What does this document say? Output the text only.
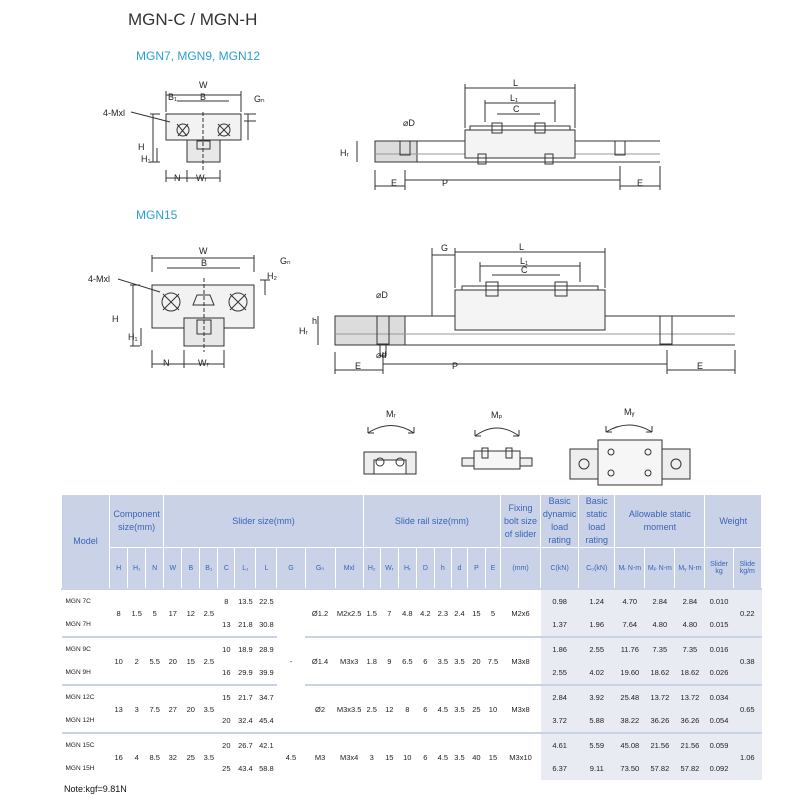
MGN-C / MGN-H
MGN7, MGN9, MGN12
MGN15
W
B
B₁	Gₙ
4-Mxl
H
H₁
N Wᵣ
L
L₁
C
⌀D
Hᵣ
E	P	E
W
B	Gₙ
H₂
4-Mxl
H
H₁
N	Wᵣ
G	L
L₁
C
⌀D
Hᵣ
h
⌀d
E	P	E
Mᵣ	Mₚ	Mᵧ
Model	Component size(mm)			Slider size(mm)									Slide rail size(mm)								Fixing bolt size of slider	Basic dynamic load rating	Basic static load rating	Allowable static moment			Weight	
	H	H₁	N	W	B	B₁	C	L₁	L	G	Gₙ	Mxl	H₂	Wᵣ	Hᵣ	D	h	d	P	E	(mm)	C(kN)	C₀(kN)	Mᵣ N-m	Mₚ N-m	Mᵧ N-m	Slider kg	Slide kg/m
MGN 7C	8	1.5	5	17	12	2.5	8	13.5	22.5	-	Ø1.2	M2x2.5	1.5	7	4.8	4.2	2.3	2.4	15	5	M2x6	0.98	1.24	4.70	2.84	2.84	0.010	0.22
MGN 7H							13	21.8	30.8													1.37	1.96	7.64	4.80	4.80	0.015	
MGN 9C	10	2	5.5	20	15	2.5	10	18.9	28.9		Ø1.4	M3x3	1.8	9	6.5	6	3.5	3.5	20	7.5	M3x8	1.86	2.55	11.76	7.35	7.35	0.016	0.38
MGN 9H							16	29.9	39.9													2.55	4.02	19.60	18.62	18.62	0.026	
MGN 12C	13	3	7.5	27	20	3.5	15	21.7	34.7		Ø2	M3x3.5	2.5	12	8	6	4.5	3.5	25	10	M3x8	2.84	3.92	25.48	13.72	13.72	0.034	0.65
MGN 12H							20	32.4	45.4													3.72	5.88	38.22	36.26	36.26	0.054	
MGN 15C	16	4	8.5	32	25	3.5	20	26.7	42.1	4.5	M3	M3x4	3	15	10	6	4.5	3.5	40	15	M3x10	4.61	5.59	45.08	21.56	21.56	0.059	1.06
MGN 15H							25	43.4	58.8													6.37	9.11	73.50	57.82	57.82	0.092	
Note:kgf=9.81N
